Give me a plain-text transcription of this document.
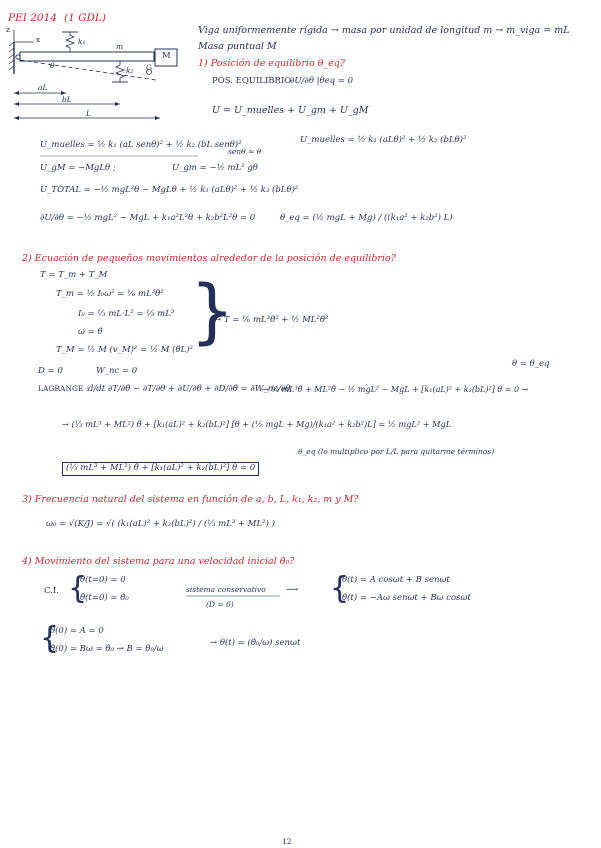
PEI 2014 (1 GDL)
Viga uniformemente rígida → masa por unidad de longitud m → m_viga = mL
Masa puntual M
z
x	k₁
m
k₂ G
M
θ
aL
bL
L
1) Posición de equilibrio θ_eq?
POS. EQUILIBRIO
∂U/∂θ |θeq = 0
U = U_muelles + U_gm + U_gM
U_muelles = ½ k₁ (aL senθ)² + ½ k₂ (bL senθ)²
senθ ≈ θ
U_muelles = ½ k₁ (aLθ)² + ½ k₂ (bLθ)²
U_gM = −MgLθ ;	U_gm = −½ mL² gθ
U_TOTAL = −½ mgL²θ − MgLθ + ½ k₁ (aLθ)² + ½ k₂ (bLθ)²
∂U/∂θ = −½ mgL² − MgL + k₁a²L²θ + k₂b²L²θ = 0	θ_eq = (½ mgL + Mg) / ((k₁a² + k₂b²) L)
2) Ecuación de pequeños movimientos alrededor de la posición de equilibrio?
T = T_m + T_M
T_m = ½ I₀ω² = ⅙ mL³θ̇²
I₀ = ⅓ mL·L² = ⅓ mL³
ω = θ̇
T_M = ½ M (v_M)² = ½ M (θ̇L)²
}
→ T = ⅙ mL³θ̇² + ½ ML²θ̇²
D = 0	W_nc = 0
θ = θ_eq
LAGRANGE : d/dt ∂T/∂θ̇ − ∂T/∂θ + ∂U/∂θ + ∂D/∂θ̇ = ∂W_nc/∂θ
→ ⅓ mL³θ̈ + ML²θ̈ − ½ mgL² − MgL + [k₁(aL)² + k₂(bL)²] θ = 0 →
→ (⅓ mL³ + ML²) θ̈ + [k₁(aL)² + k₂(bL)²] [θ + (½ mgL + Mg)/(k₁a² + k₂b²)L] = ½ mgL² + MgL
θ_eq (lo multiplico por L/L para quitarme términos)
(⅓ mL³ + ML²) θ̈ + [k₁(aL)² + k₂(bL)²] θ = 0
3) Frecuencia natural del sistema en función de a, b, L, k₁, k₂, m y M?
ω₀ = √(K/J) = √( (k₁(aL)² + k₂(bL)²) / (⅓ mL³ + ML²) )
4) Movimiento del sistema para una velocidad inicial θ̇₀?
C.I. {
θ(t=0) = 0
θ̇(t=0) = θ̇₀
sistema conservativo
(D = 0)
⟶ {
θ(t) = A cosωt + B senωt
θ̇(t) = −Aω senωt + Bω cosωt
{
θ(0) = A = 0
θ̇(0) = Bω = θ̇₀ → B = θ̇₀/ω
→ θ(t) = (θ̇₀/ω) senωt
12
